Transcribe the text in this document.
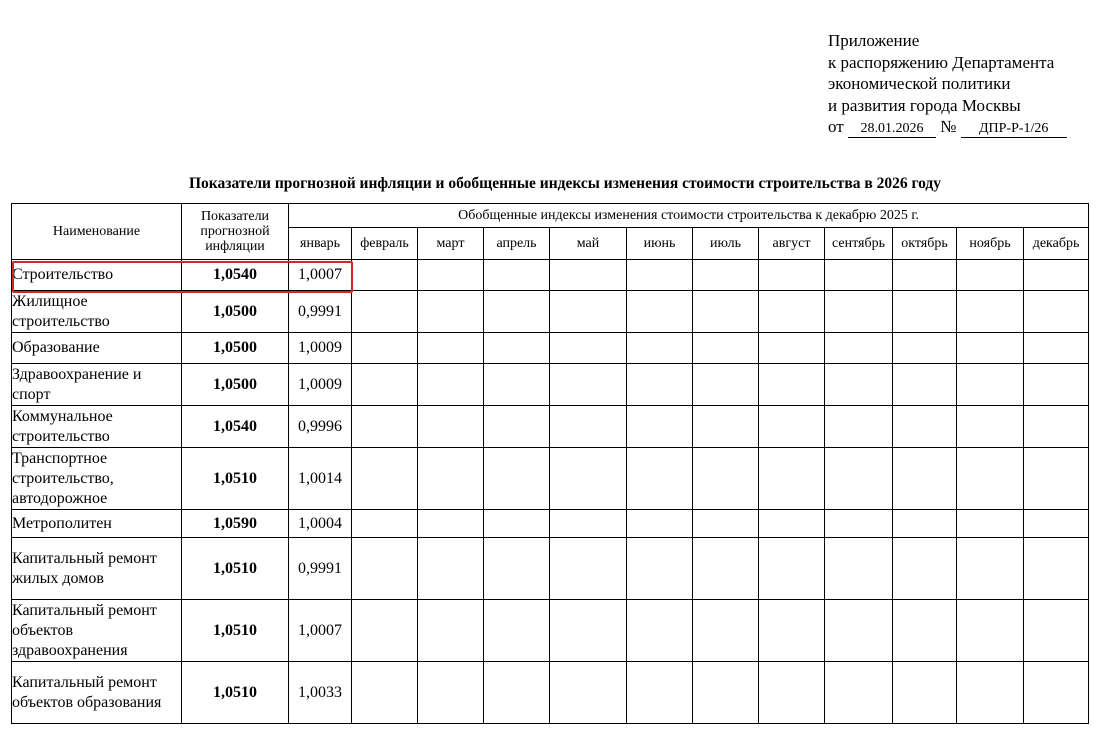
Приложение
к распоряжению Департамента
экономической политики
и развития города Москвы
от 28.01.2026 № ДПР-Р-1/26
Показатели прогнозной инфляции и обобщенные индексы изменения стоимости строительства в 2026 году
Наименование	Показатели прогнозной инфляции	Обобщенные индексы изменения стоимости строительства к декабрю 2025 г.											
		январь	февраль	март	апрель	май	июнь	июль	август	сентябрь	октябрь	ноябрь	декабрь
Строительство	1,0540	1,0007											
Жилищное строительство	1,0500	0,9991											
Образование	1,0500	1,0009											
Здравоохранение и спорт	1,0500	1,0009											
Коммунальное строительство	1,0540	0,9996											
Транспортное строительство, автодорожное	1,0510	1,0014											
Метрополитен	1,0590	1,0004											
Капитальный ремонт жилых домов	1,0510	0,9991											
Капитальный ремонт объектов здравоохранения	1,0510	1,0007											
Капитальный ремонт объектов образования	1,0510	1,0033											
